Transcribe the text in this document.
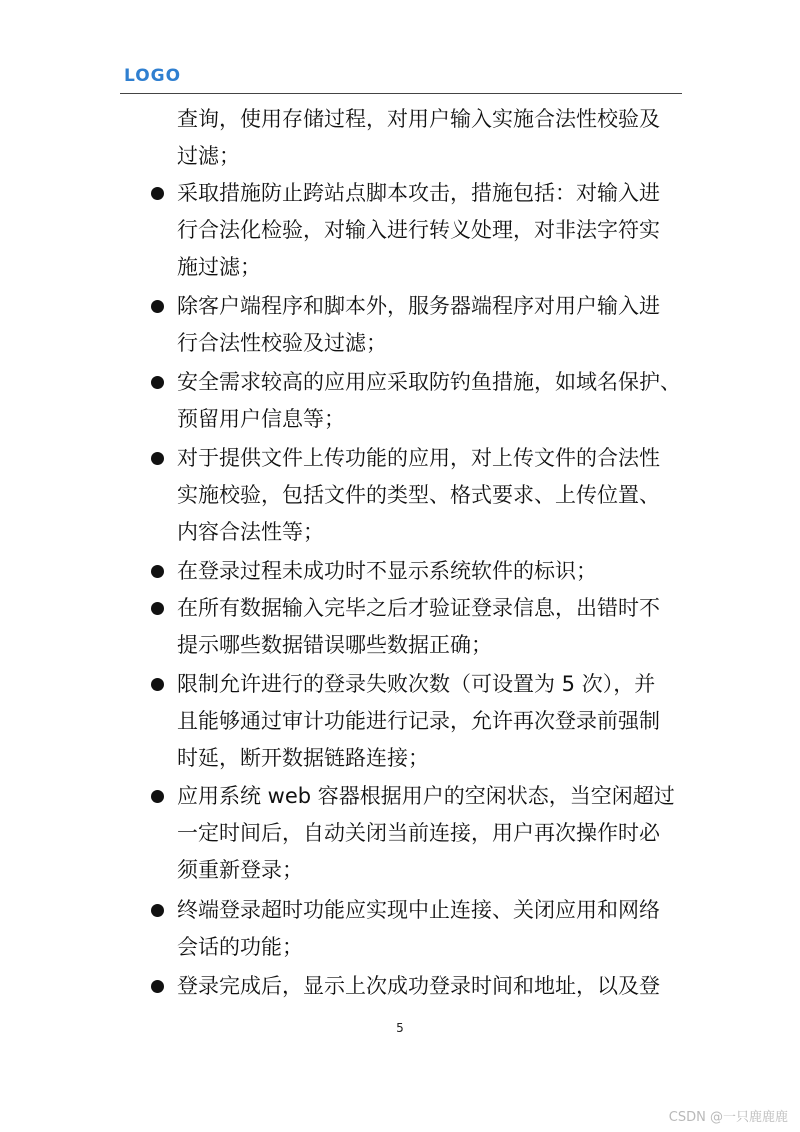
LOGO
查询，使用存储过程，对用户输入实施合法性校验及
过滤；
采取措施防止跨站点脚本攻击，措施包括：对输入进
行合法化检验，对输入进行转义处理，对非法字符实
施过滤；
除客户端程序和脚本外，服务器端程序对用户输入进
行合法性校验及过滤；
安全需求较高的应用应采取防钓鱼措施，如域名保护、
预留用户信息等；
对于提供文件上传功能的应用，对上传文件的合法性
实施校验，包括文件的类型、格式要求、上传位置、
内容合法性等；
在登录过程未成功时不显示系统软件的标识；
在所有数据输入完毕之后才验证登录信息，出错时不
提示哪些数据错误哪些数据正确；
限制允许进行的登录失败次数（可设置为 5 次），并
且能够通过审计功能进行记录，允许再次登录前强制
时延，断开数据链路连接；
应用系统 web 容器根据用户的空闲状态，当空闲超过
一定时间后，自动关闭当前连接，用户再次操作时必
须重新登录；
终端登录超时功能应实现中止连接、关闭应用和网络
会话的功能；
登录完成后，显示上次成功登录时间和地址，以及登
5
CSDN @一只鹿鹿鹿
